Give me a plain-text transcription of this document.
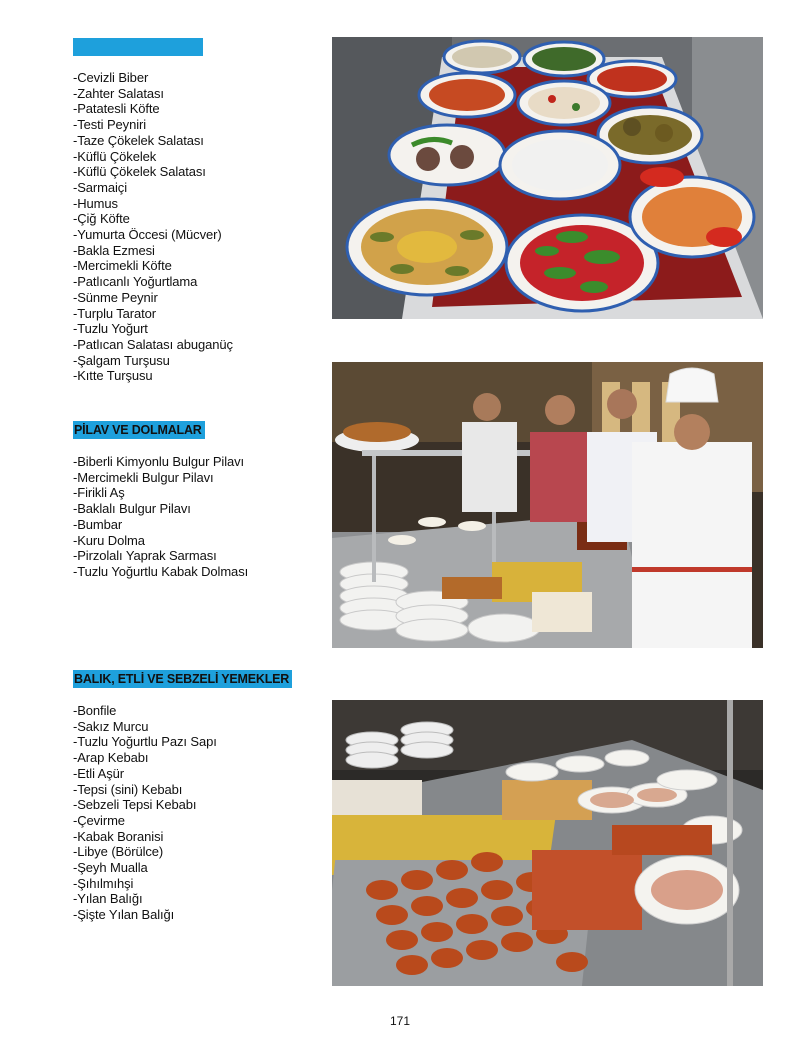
-Cevizli Biber
-Zahter Salatası
-Patatesli Köfte
-Testi Peyniri
-Taze Çökelek Salatası
-Küflü Çökelek
-Küflü Çökelek Salatası
-Sarmaiçi
-Humus
-Çiğ Köfte
-Yumurta Öccesi (Mücver)
-Bakla Ezmesi
-Mercimekli Köfte
-Patlıcanlı Yoğurtlama
-Sünme Peynir
-Turplu Tarator
-Tuzlu Yoğurt
-Patlıcan Salatası abuganüç
-Şalgam Turşusu
-Kıtte Turşusu
PİLAV VE DOLMALAR
-Biberli Kimyonlu Bulgur Pilavı
-Mercimekli Bulgur Pilavı
-Firikli Aş
-Baklalı Bulgur Pilavı
-Bumbar
-Kuru Dolma
-Pirzolalı Yaprak Sarması
-Tuzlu Yoğurtlu Kabak Dolması
BALIK, ETLİ VE SEBZELİ YEMEKLER
-Bonfile
-Sakız Murcu
-Tuzlu Yoğurtlu Pazı Sapı
-Arap Kebabı
-Etli Aşür
-Tepsi (sini) Kebabı
-Sebzeli Tepsi Kebabı
-Çevirme
-Kabak Boranisi
-Libye (Börülce)
-Şeyh Mualla
-Şıhılmıhşi
-Yılan Balığı
-Şişte Yılan Balığı
171
